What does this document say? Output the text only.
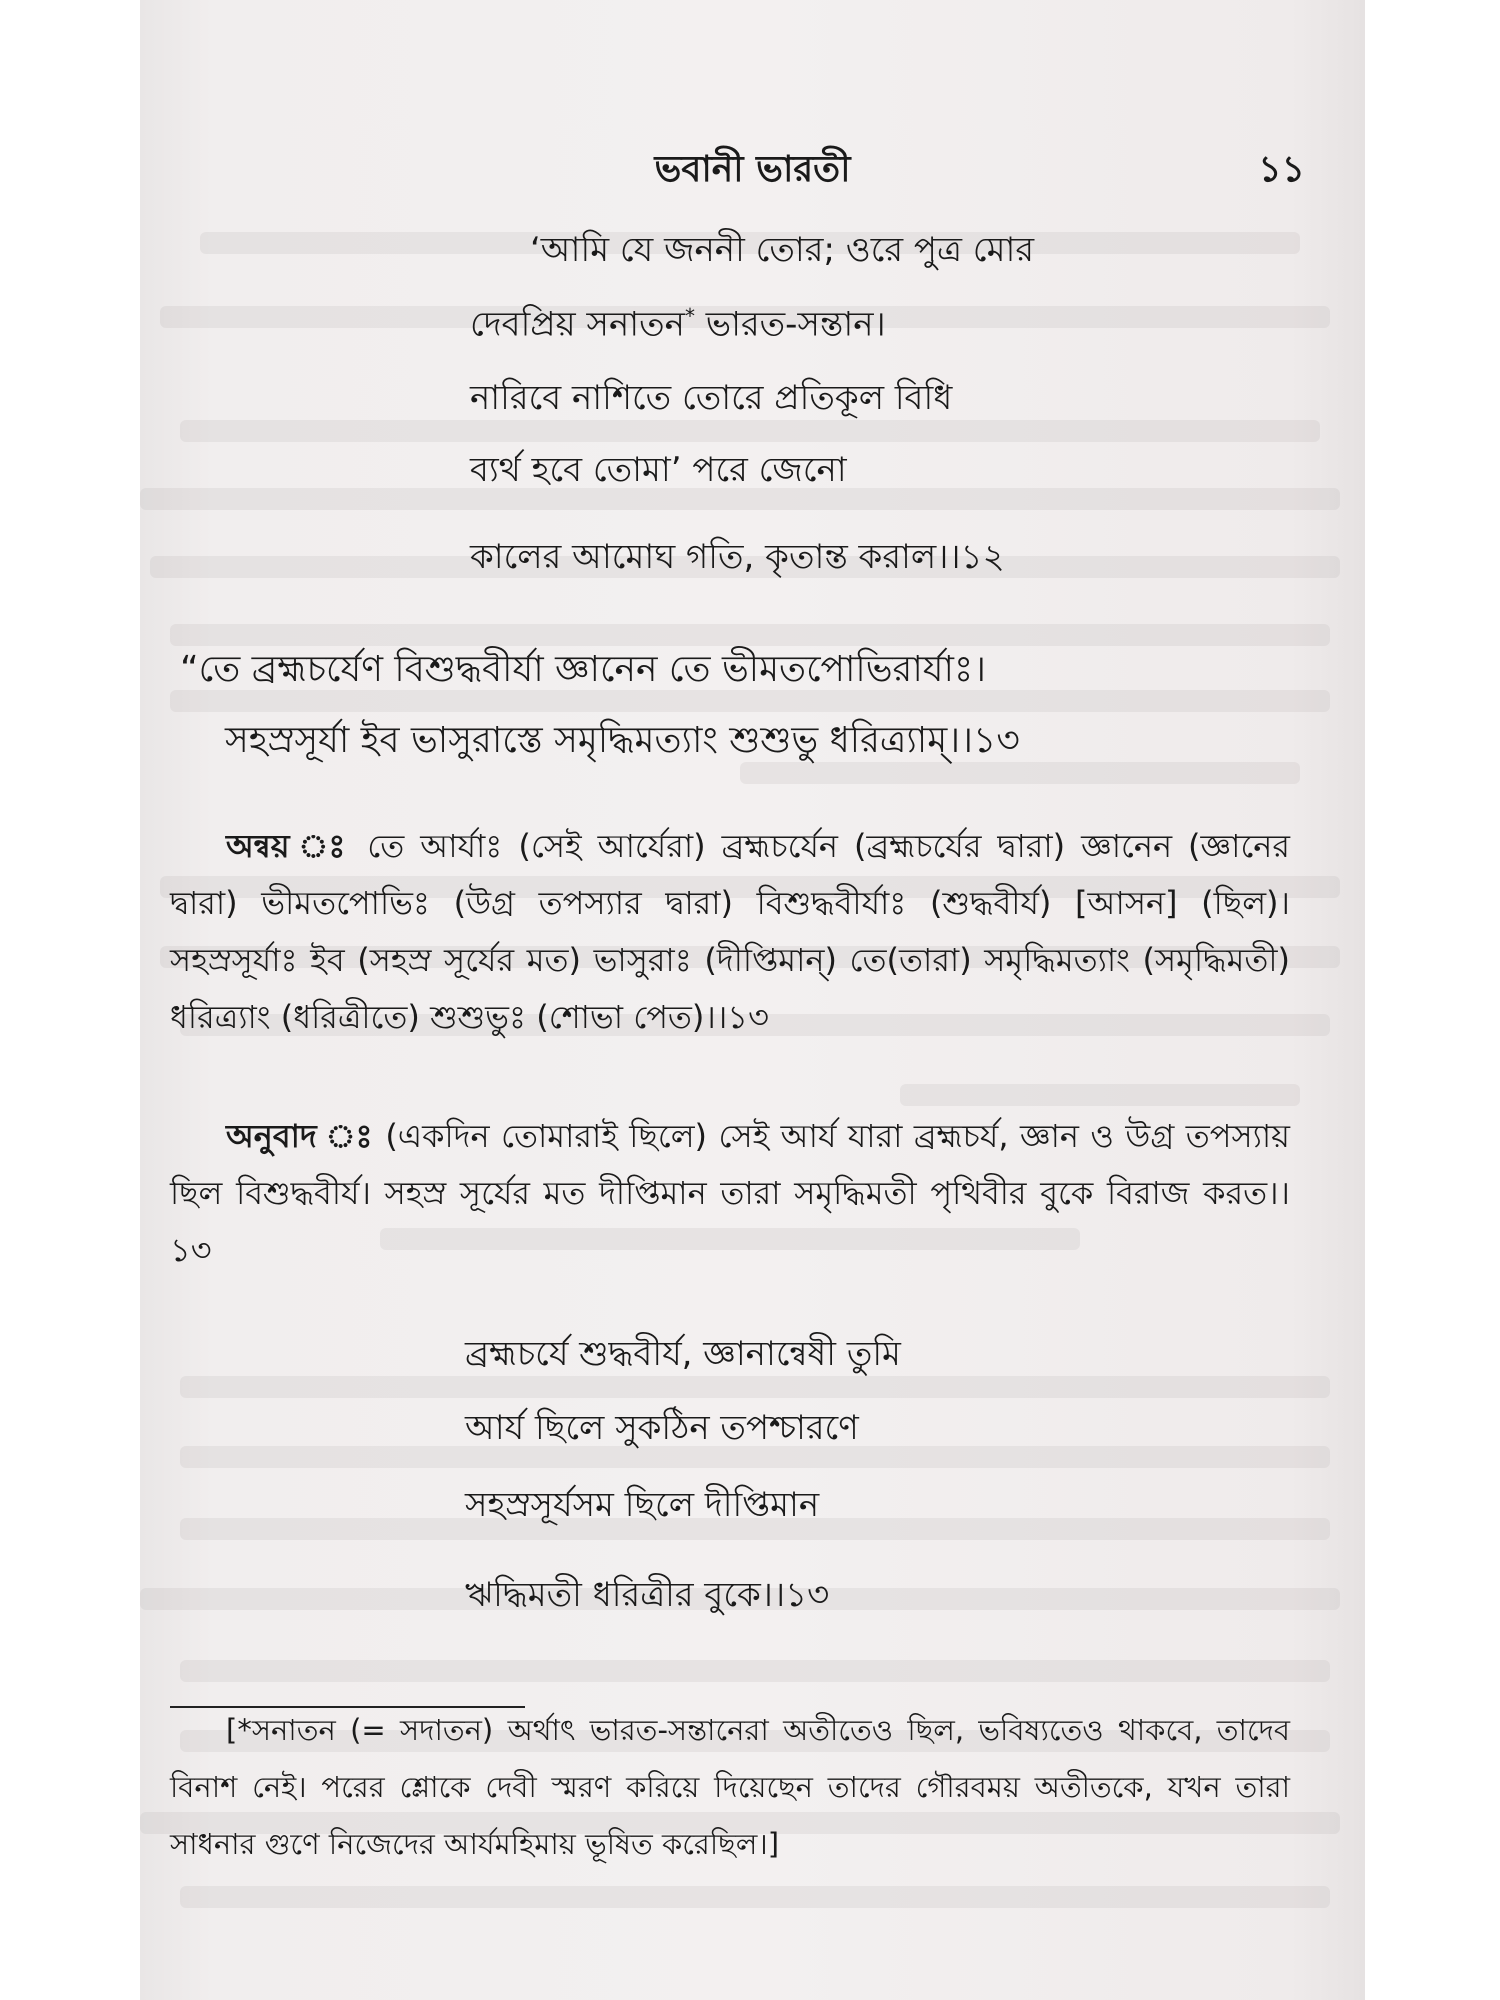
ভবানী ভারতী	১১
‘আমি যে জননী তোর; ওরে পুত্র মোর
দেবপ্রিয় সনাতন* ভারত-সন্তান।
নারিবে নাশিতে তোরে প্রতিকূল বিধি
ব্যর্থ হবে তোমা’ পরে জেনো
কালের আমোঘ গতি, কৃতান্ত করাল।।১২
“তে ব্রহ্মচর্যেণ বিশুদ্ধবীর্যা জ্ঞানেন তে ভীমতপোভিরার্যাঃ।
সহস্রসূর্যা ইব ভাসুরাস্তে সমৃদ্ধিমত্যাং শুশুভু ধরিত্র্যাম্।।১৩
অন্বয় ঃ তে আর্যাঃ (সেই আর্যেরা) ব্রহ্মচর্যেন (ব্রহ্মচর্যের দ্বারা) জ্ঞানেন (জ্ঞানের দ্বারা) ভীমতপোভিঃ (উগ্র তপস্যার দ্বারা) বিশুদ্ধবীর্যাঃ (শুদ্ধবীর্য) [আসন] (ছিল)। সহস্রসূর্যাঃ ইব (সহস্র সূর্যের মত) ভাসুরাঃ (দীপ্তিমান্) তে(তারা) সমৃদ্ধিমত্যাং (সমৃদ্ধিমতী) ধরিত্র্যাং (ধরিত্রীতে) শুশুভুঃ (শোভা পেত)।।১৩
অনুবাদ ঃ (একদিন তোমারাই ছিলে) সেই আর্য যারা ব্রহ্মচর্য, জ্ঞান ও উগ্র তপস্যায় ছিল বিশুদ্ধবীর্য। সহস্র সূর্যের মত দীপ্তিমান তারা সমৃদ্ধিমতী পৃথিবীর বুকে বিরাজ করত।।১৩
ব্রহ্মচর্যে শুদ্ধবীর্য, জ্ঞানান্বেষী তুমি
আর্য ছিলে সুকঠিন তপশ্চারণে
সহস্রসূর্যসম ছিলে দীপ্তিমান
ঋদ্ধিমতী ধরিত্রীর বুকে।।১৩
[*সনাতন (= সদাতন) অর্থাৎ ভারত-সন্তানেরা অতীতেও ছিল, ভবিষ্যতেও থাকবে, তাদেব বিনাশ নেই। পরের শ্লোকে দেবী স্মরণ করিয়ে দিয়েছেন তাদের গৌরবময় অতীতকে, যখন তারা সাধনার গুণে নিজেদের আর্যমহিমায় ভূষিত করেছিল।]
